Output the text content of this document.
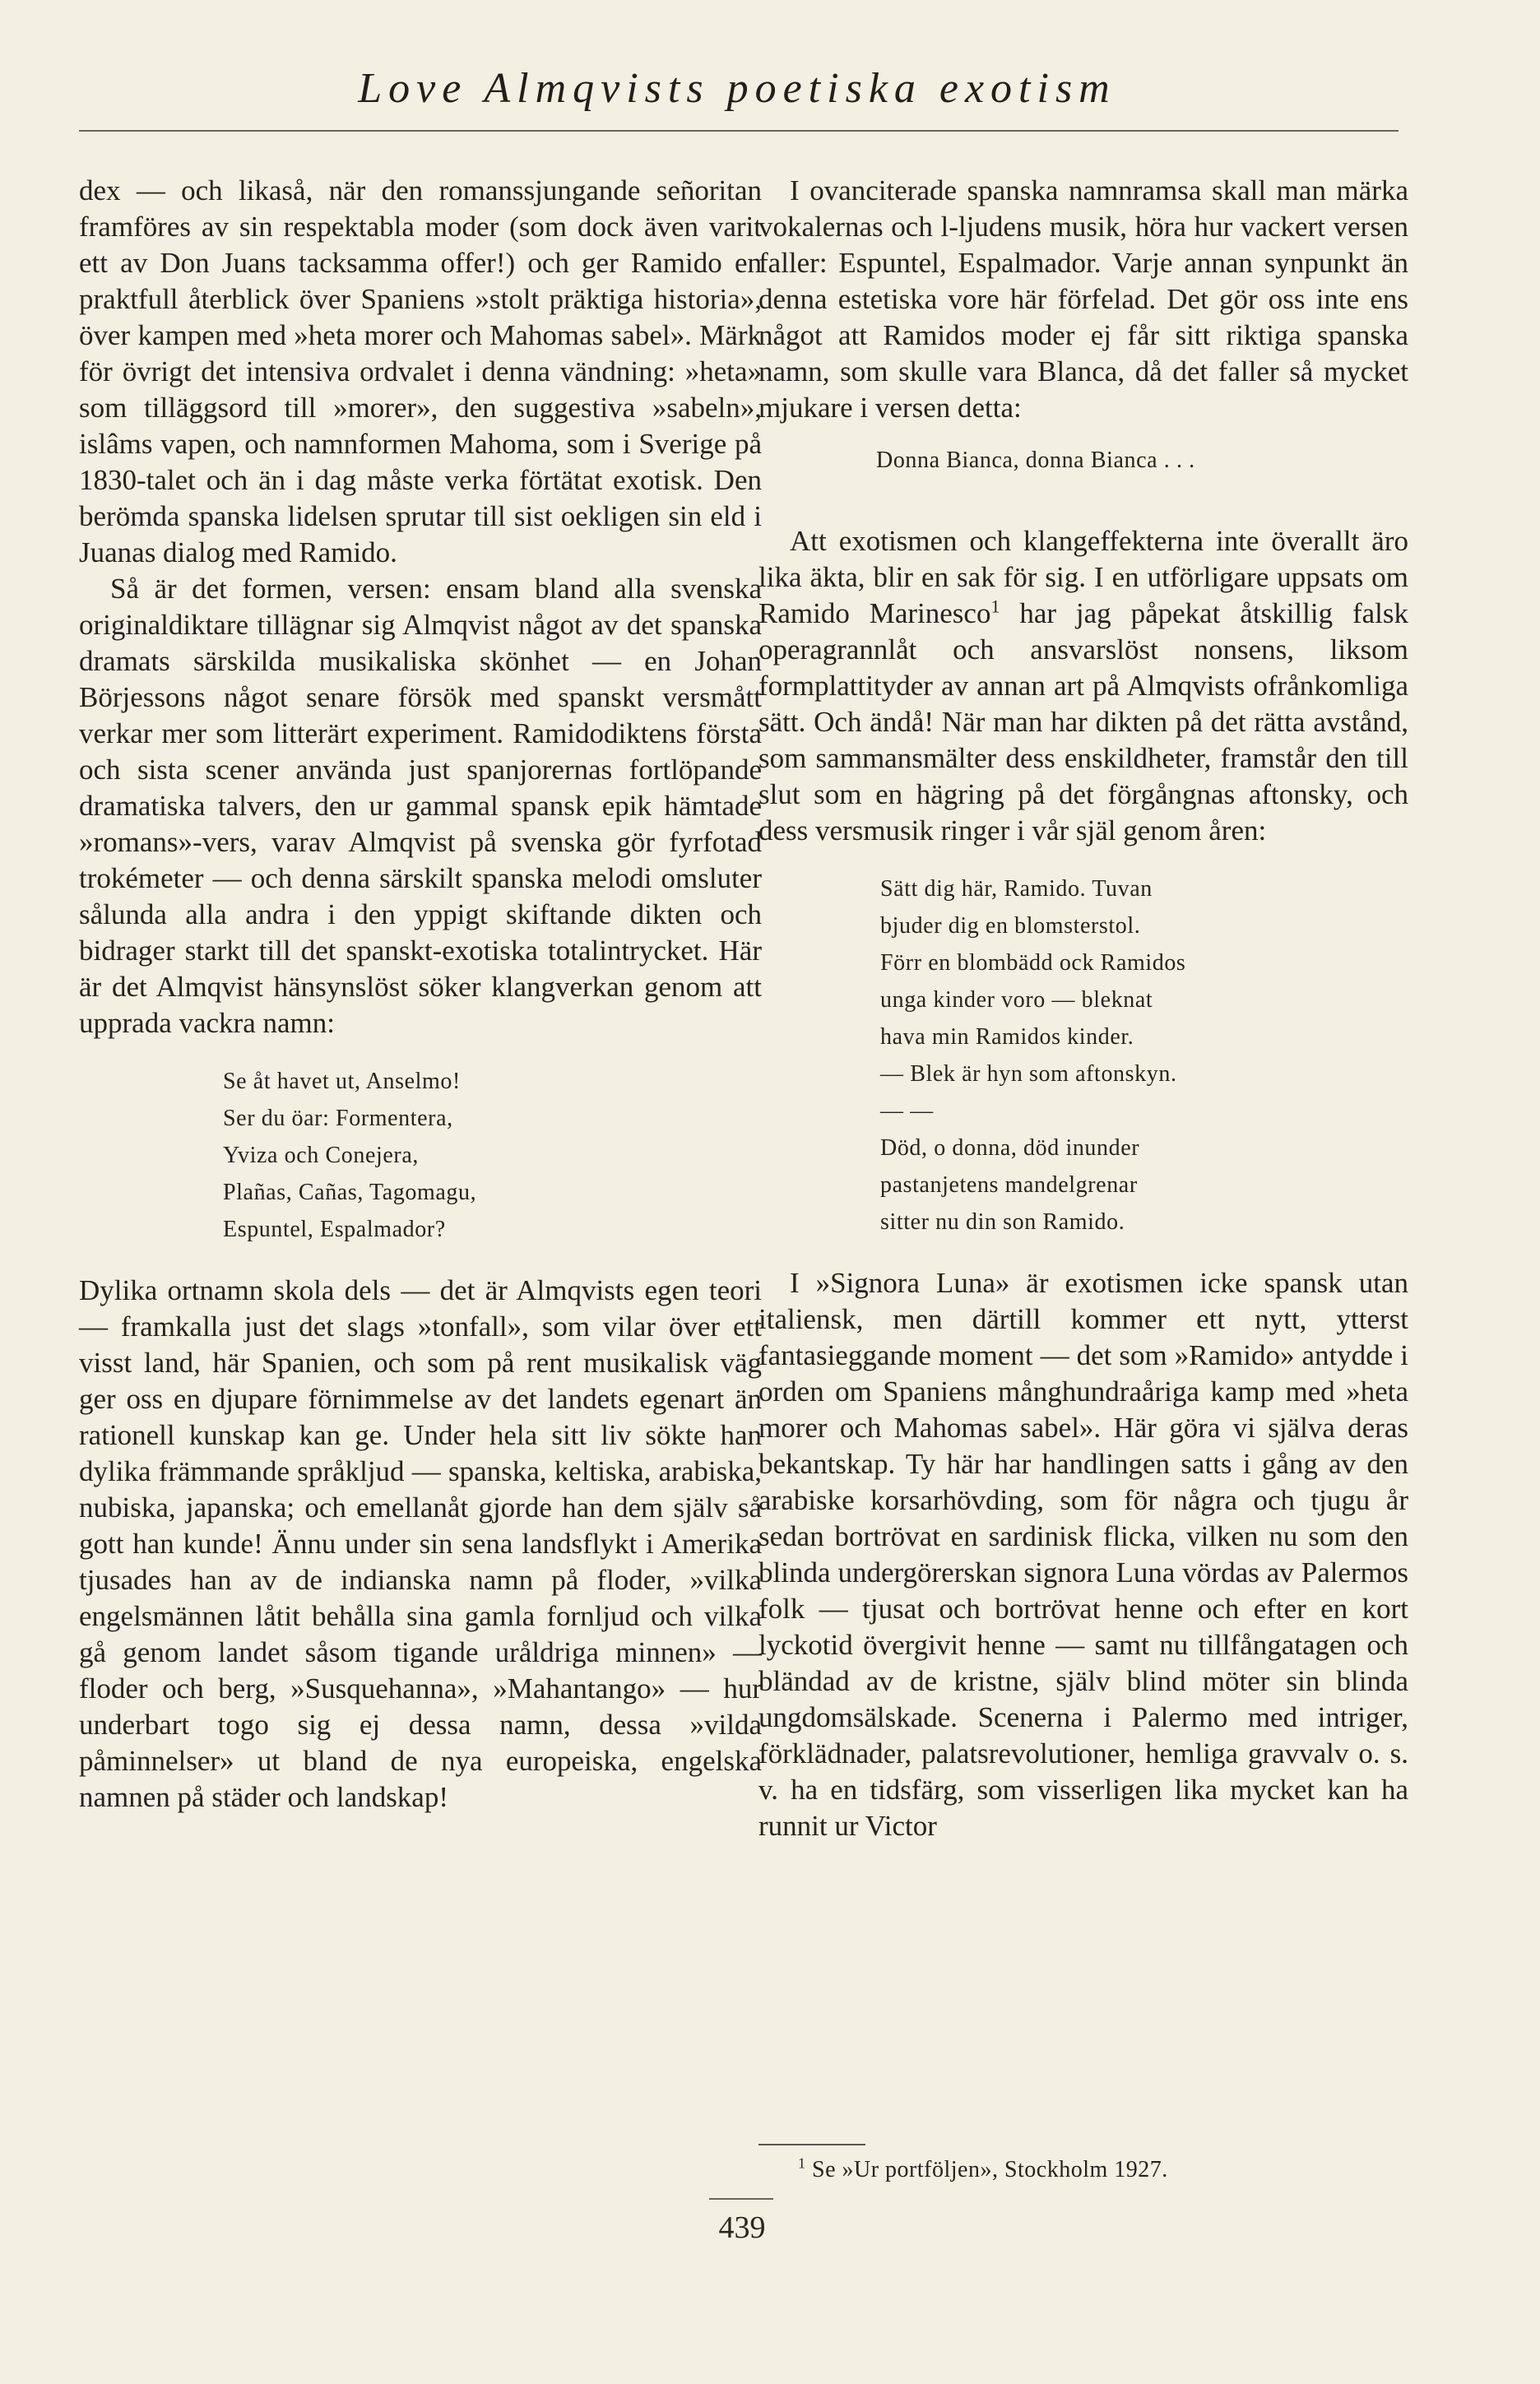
Love Almqvists poetiska exotism

dex — och likaså, när den romanssjungande señoritan framföres av sin respektabla moder (som dock även varit ett av Don Juans tacksamma offer!) och ger Ramido en praktfull återblick över Spaniens »stolt präktiga historia», över kampen med »heta morer och Mahomas sabel». Märk för övrigt det intensiva ordvalet i denna vändning: »heta» som tilläggsord till »morer», den suggestiva »sabeln», islâms vapen, och namnformen Mahoma, som i Sverige på 1830-talet och än i dag måste verka förtätat exotisk. Den berömda spanska lidelsen sprutar till sist oekligen sin eld i Juanas dialog med Ramido.

Så är det formen, versen: ensam bland alla svenska originaldiktare tillägnar sig Almqvist något av det spanska dramats särskilda musikaliska skönhet — en Johan Börjessons något senare försök med spanskt versmått verkar mer som litterärt experiment. Ramidodiktens första och sista scener använda just spanjorernas fortlöpande dramatiska talvers, den ur gammal spansk epik hämtade »romans»-vers, varav Almqvist på svenska gör fyrfotad trokémeter — och denna särskilt spanska melodi omsluter sålunda alla andra i den yppigt skiftande dikten och bidrager starkt till det spanskt-exotiska totalintrycket. Här är det Almqvist hänsynslöst söker klangverkan genom att upprada vackra namn:

Se åt havet ut, Anselmo!
Ser du öar: Formentera,
Yviza och Conejera,
Plañas, Cañas, Tagomagu,
Espuntel, Espalmador?

Dylika ortnamn skola dels — det är Almqvists egen teori — framkalla just det slags »tonfall», som vilar över ett visst land, här Spanien, och som på rent musikalisk väg ger oss en djupare förnimmelse av det landets egenart än rationell kunskap kan ge. Under hela sitt liv sökte han dylika främmande språkljud — spanska, keltiska, arabiska, nubiska, japanska; och emellanåt gjorde han dem själv så gott han kunde! Ännu under sin sena landsflykt i Amerika tjusades han av de indianska namn på floder, »vilka engelsmännen låtit behålla sina gamla fornljud och vilka gå genom landet såsom tigande uråldriga minnen» — floder och berg, »Susquehanna», »Mahantango» — hur underbart togo sig ej dessa namn, dessa »vilda påminnelser» ut bland de nya europeiska, engelska namnen på städer och landskap!

I ovanciterade spanska namnramsa skall man märka vokalernas och l-ljudens musik, höra hur vackert versen faller: Espuntel, Espalmador. Varje annan synpunkt än denna estetiska vore här förfelad. Det gör oss inte ens något att Ramidos moder ej får sitt riktiga spanska namn, som skulle vara Blanca, då det faller så mycket mjukare i versen detta:

Donna Bianca, donna Bianca . . .

Att exotismen och klangeffekterna inte överallt äro lika äkta, blir en sak för sig. I en utförligare uppsats om Ramido Marinesco$^1$ har jag påpekat åtskillig falsk operagrannlåt och ansvarslöst nonsens, liksom formplattityder av annan art på Almqvists ofrånkomliga sätt. Och ändå! När man har dikten på det rätta avstånd, som sammansmälter dess enskildheter, framstår den till slut som en hägring på det förgångnas aftonsky, och dess versmusik ringer i vår själ genom åren:

Sätt dig här, Ramido. Tuvan
bjuder dig en blomsterstol.
Förr en blombädd ock Ramidos
unga kinder voro — bleknat
hava min Ramidos kinder.
— Blek är hyn som aftonskyn.
— —
Död, o donna, död inunder
pastanjetens mandelgrenar
sitter nu din son Ramido.

I »Signora Luna» är exotismen icke spansk utan italiensk, men därtill kommer ett nytt, ytterst fantasieggande moment — det som »Ramido» antydde i orden om Spaniens månghundraåriga kamp med »heta morer och Mahomas sabel». Här göra vi själva deras bekantskap. Ty här har handlingen satts i gång av den arabiske korsarhövding, som för några och tjugu år sedan bortrövat en sardinisk flicka, vilken nu som den blinda undergörerskan signora Luna vördas av Palermos folk — tjusat och bortrövat henne och efter en kort lyckotid övergivit henne — samt nu tillfångatagen och bländad av de kristne, själv blind möter sin blinda ungdomsälskade. Scenerna i Palermo med intriger, förklädnader, palatsrevolutioner, hemliga gravvalv o. s. v. ha en tidsfärg, som visserligen lika mycket kan ha runnit ur Victor

$^1$ Se »Ur portföljen», Stockholm 1927.
439
